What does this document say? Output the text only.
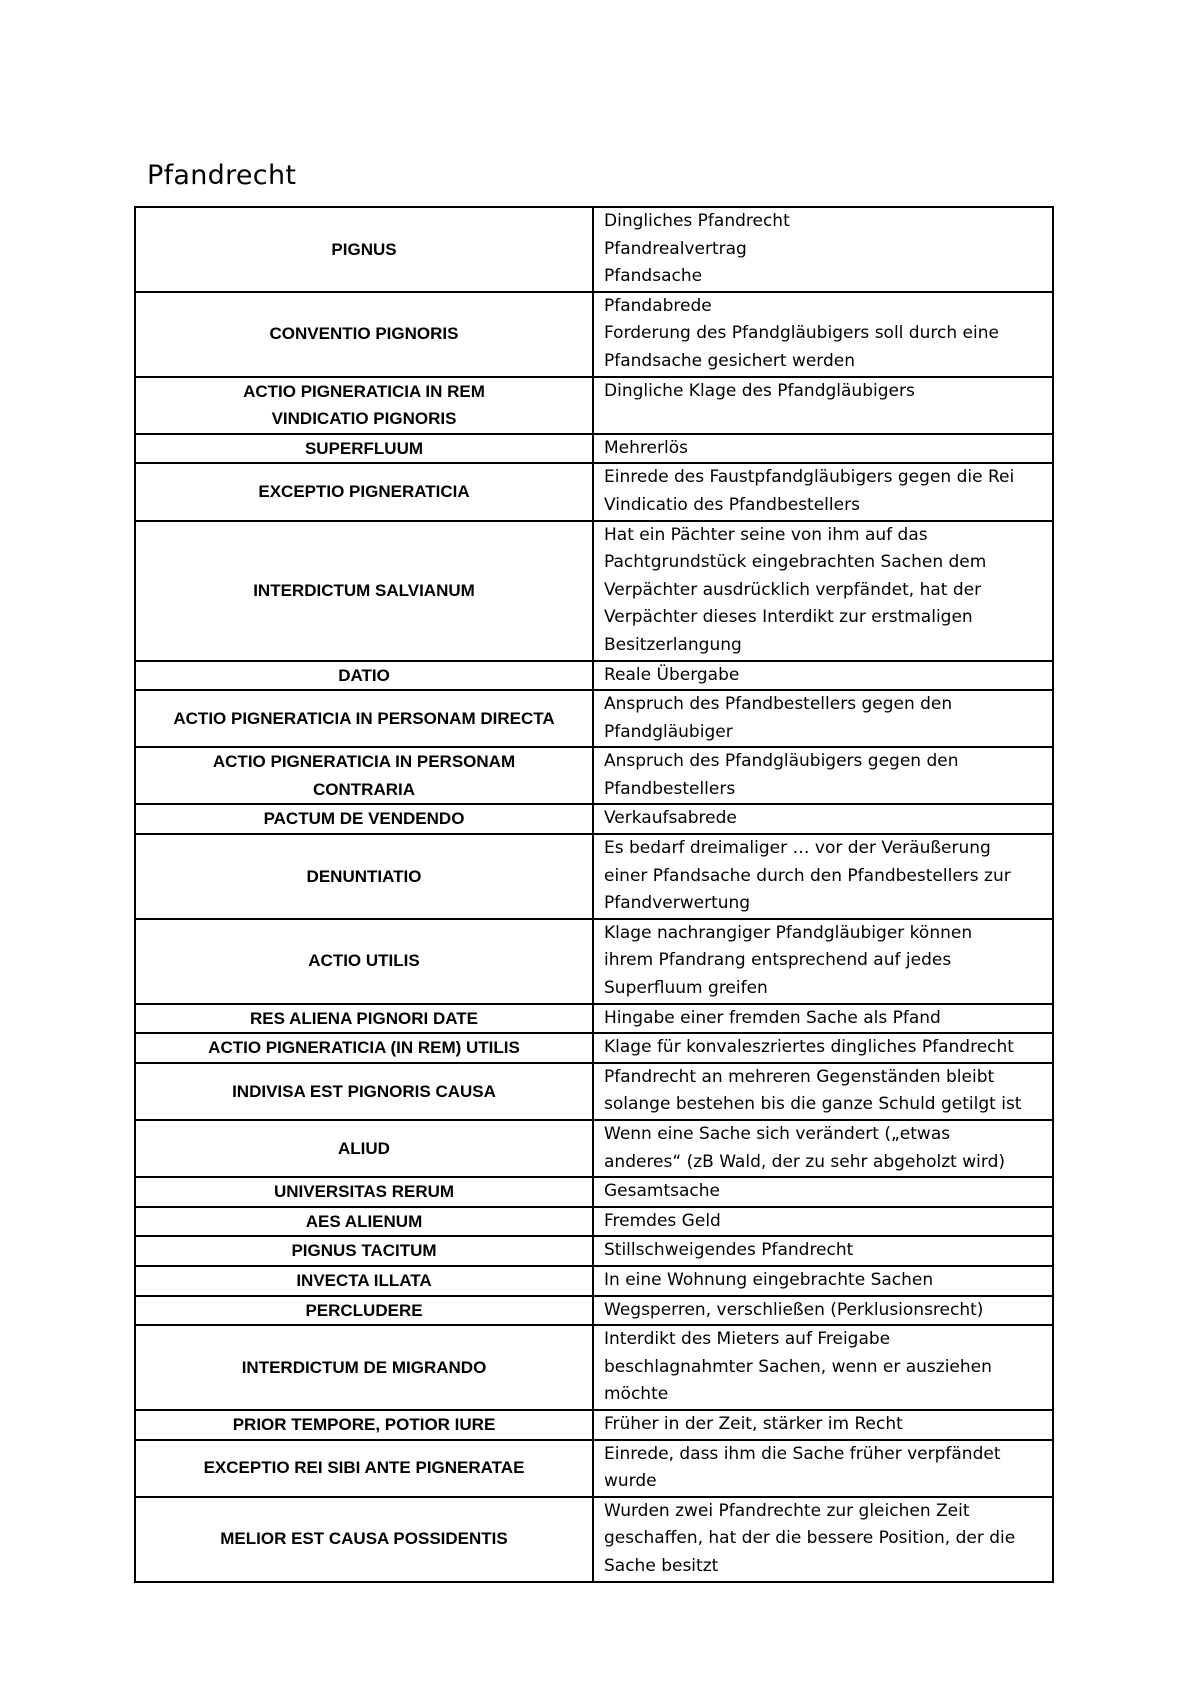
Pfandrecht
PIGNUS	Dingliches Pfandrecht
Pfandrealvertrag
Pfandsache

CONVENTIO PIGNORIS	Pfandabrede
Forderung des Pfandgläubigers soll durch eine
Pfandsache gesichert werden

ACTIO PIGNERATICIA IN REM
VINDICATIO PIGNORIS	Dingliche Klage des Pfandgläubigers

SUPERFLUUM	Mehrerlös

EXCEPTIO PIGNERATICIA	Einrede des Faustpfandgläubigers gegen die Rei
Vindicatio des Pfandbestellers

INTERDICTUM SALVIANUM	Hat ein Pächter seine von ihm auf das
Pachtgrundstück eingebrachten Sachen dem
Verpächter ausdrücklich verpfändet, hat der
Verpächter dieses Interdikt zur erstmaligen
Besitzerlangung

DATIO	Reale Übergabe

ACTIO PIGNERATICIA IN PERSONAM DIRECTA	Anspruch des Pfandbestellers gegen den
Pfandgläubiger

ACTIO PIGNERATICIA IN PERSONAM
CONTRARIA	Anspruch des Pfandgläubigers gegen den
Pfandbestellers

PACTUM DE VENDENDO	Verkaufsabrede

DENUNTIATIO	Es bedarf dreimaliger … vor der Veräußerung
einer Pfandsache durch den Pfandbestellers zur
Pfandverwertung

ACTIO UTILIS	Klage nachrangiger Pfandgläubiger können
ihrem Pfandrang entsprechend auf jedes
Superfluum greifen

RES ALIENA PIGNORI DATE	Hingabe einer fremden Sache als Pfand

ACTIO PIGNERATICIA (IN REM) UTILIS	Klage für konvaleszriertes dingliches Pfandrecht

INDIVISA EST PIGNORIS CAUSA	Pfandrecht an mehreren Gegenständen bleibt
solange bestehen bis die ganze Schuld getilgt ist

ALIUD	Wenn eine Sache sich verändert („etwas
anderes“ (zB Wald, der zu sehr abgeholzt wird)

UNIVERSITAS RERUM	Gesamtsache

AES ALIENUM	Fremdes Geld

PIGNUS TACITUM	Stillschweigendes Pfandrecht

INVECTA ILLATA	In eine Wohnung eingebrachte Sachen

PERCLUDERE	Wegsperren, verschließen (Perklusionsrecht)

INTERDICTUM DE MIGRANDO	Interdikt des Mieters auf Freigabe
beschlagnahmter Sachen, wenn er ausziehen
möchte

PRIOR TEMPORE, POTIOR IURE	Früher in der Zeit, stärker im Recht

EXCEPTIO REI SIBI ANTE PIGNERATAE	Einrede, dass ihm die Sache früher verpfändet
wurde

MELIOR EST CAUSA POSSIDENTIS	Wurden zwei Pfandrechte zur gleichen Zeit
geschaffen, hat der die bessere Position, der die
Sache besitzt
